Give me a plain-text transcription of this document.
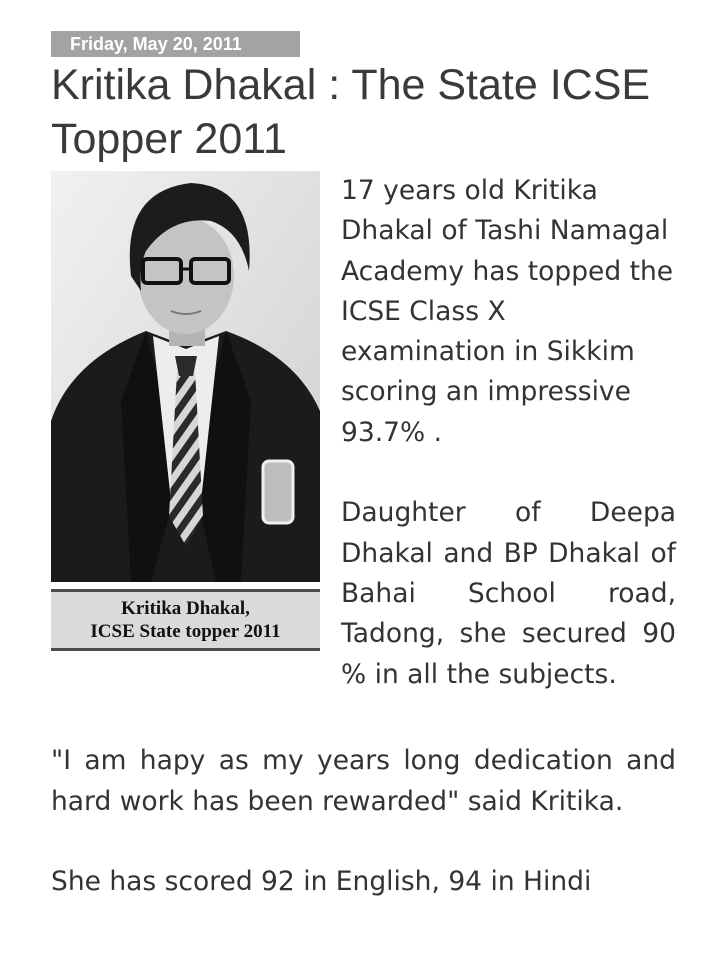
Friday, May 20, 2011
Kritika Dhakal : The State ICSE Topper 2011
Kritika Dhakal,
ICSE State topper 2011

17 years old Kritika Dhakal of Tashi Namagal Academy has topped the ICSE Class X examination in Sikkim scoring an impressive 93.7% .

Daughter of Deepa Dhakal and BP Dhakal of Bahai School road, Tadong, she secured 90 % in all the subjects.

"I am hapy as my years long dedication and hard work has been rewarded" said Kritika.

She has scored 92 in English, 94 in Hindi
